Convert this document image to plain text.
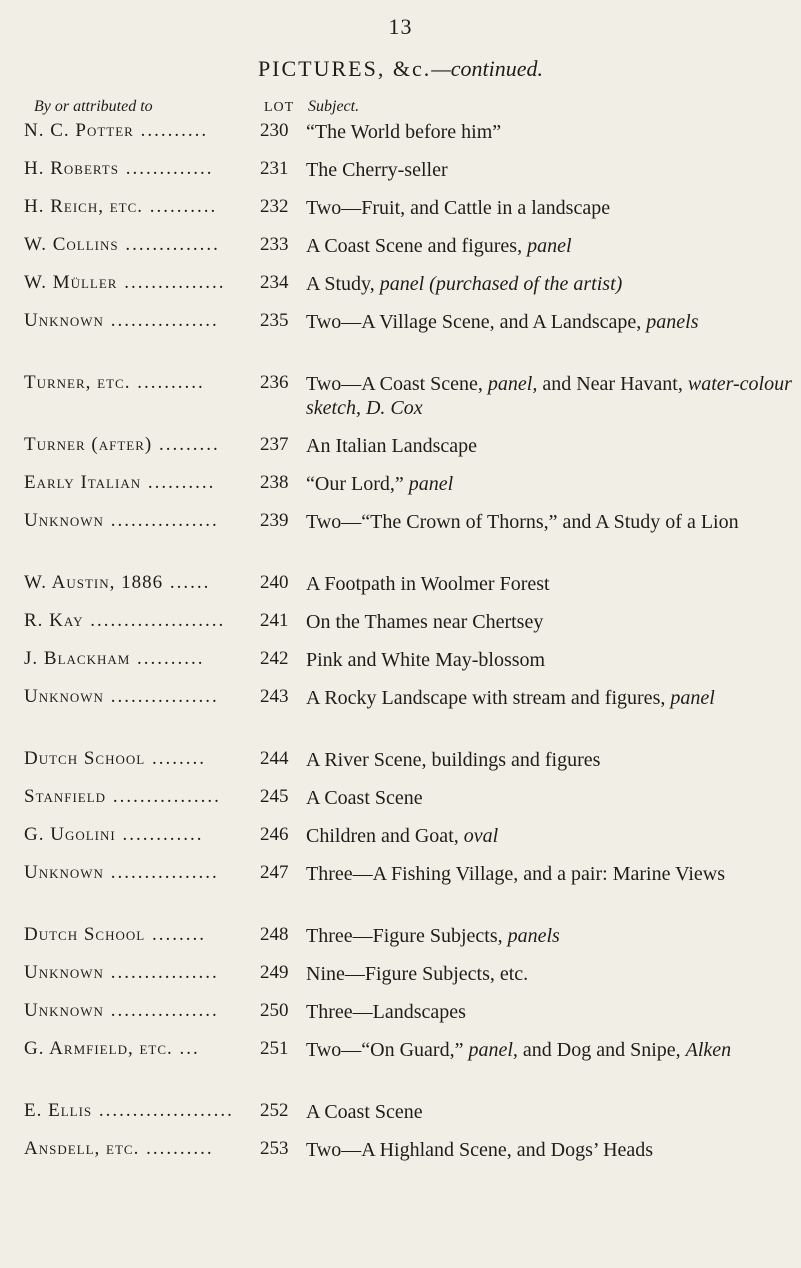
13
PICTURES, &c.—continued.
By or attributed to	LOT Subject.
N. C. Potter ..........	230 “The World before him”
H. Roberts .............	231 The Cherry-seller
H. Reich, etc. ..........	232 Two—Fruit, and Cattle in a landscape
W. Collins ..............	233 A Coast Scene and figures, panel
W. Müller ...............	234 A Study, panel (purchased of the artist)
Unknown ................	235 Two—A Village Scene, and A Landscape, panels
Turner, etc. ..........	236 Two—A Coast Scene, panel, and Near Havant, water-colour sketch, D. Cox
Turner (after) .........	237 An Italian Landscape
Early Italian ..........	238 “Our Lord,” panel
Unknown ................	239 Two—“The Crown of Thorns,” and A Study of a Lion
W. Austin, 1886 ......	240 A Footpath in Woolmer Forest
R. Kay ....................	241 On the Thames near Chertsey
J. Blackham ..........	242 Pink and White May-blossom
Unknown ................	243 A Rocky Landscape with stream and figures, panel
Dutch School ........	244 A River Scene, buildings and figures
Stanfield ................	245 A Coast Scene
G. Ugolini ............	246 Children and Goat, oval
Unknown ................	247 Three—A Fishing Village, and a pair: Marine Views
Dutch School ........	248 Three—Figure Subjects, panels
Unknown ................	249 Nine—Figure Subjects, etc.
Unknown ................	250 Three—Landscapes
G. Armfield, etc. ...	251 Two—“On Guard,” panel, and Dog and Snipe, Alken
E. Ellis ....................	252 A Coast Scene
Ansdell, etc. ..........	253 Two—A Highland Scene, and Dogs’ Heads
